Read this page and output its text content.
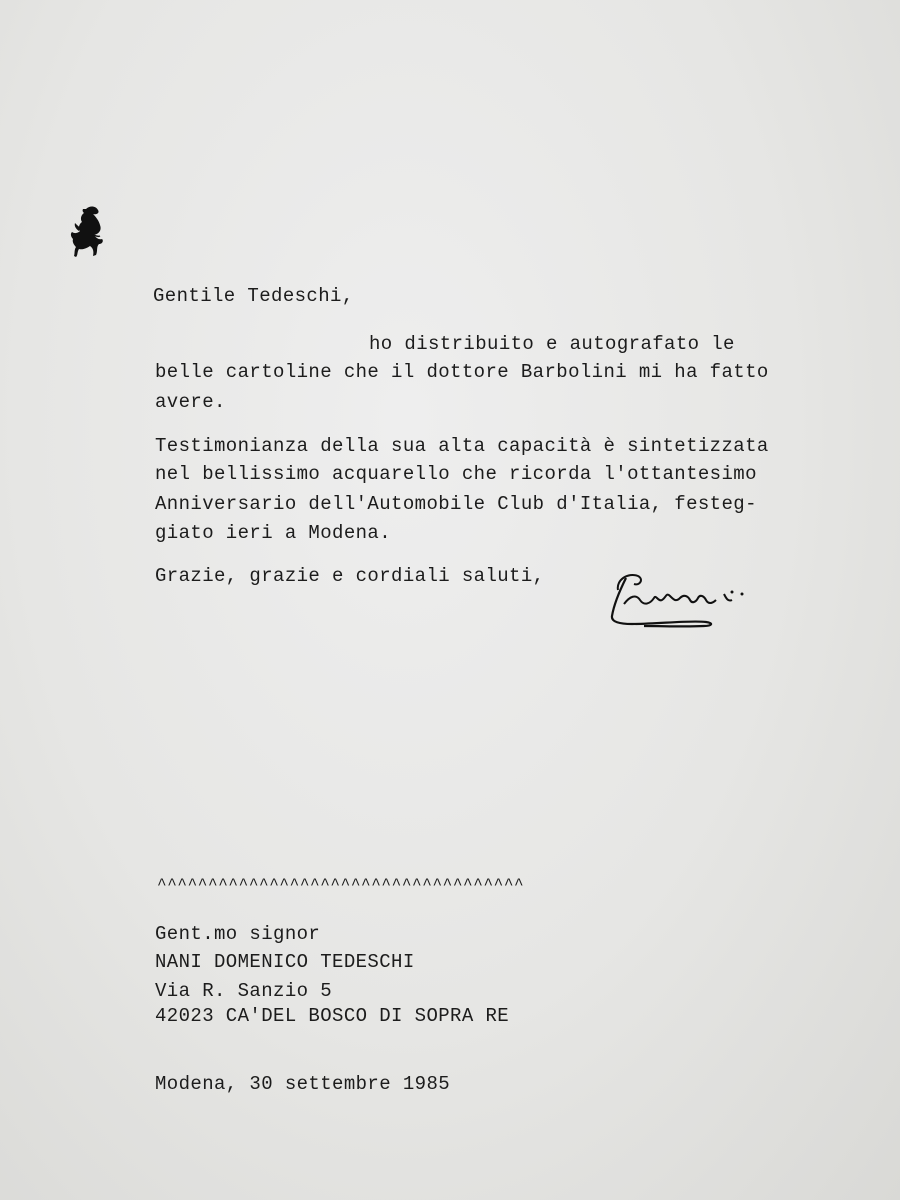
Gentile Tedeschi,
ho distribuito e autografato le
belle cartoline che il dottore Barbolini mi ha fatto
avere.
Testimonianza della sua alta capacità è sintetizzata
nel bellissimo acquarello che ricorda l'ottantesimo
Anniversario dell'Automobile Club d'Italia, festeg-
giato ieri a Modena.
Grazie, grazie e cordiali saluti,
^^^^^^^^^^^^^^^^^^^^^^^^^^^^^^^^^^^^
Gent.mo signor
NANI DOMENICO TEDESCHI
Via R. Sanzio 5
42023 CA'DEL BOSCO DI SOPRA RE
Modena, 30 settembre 1985
